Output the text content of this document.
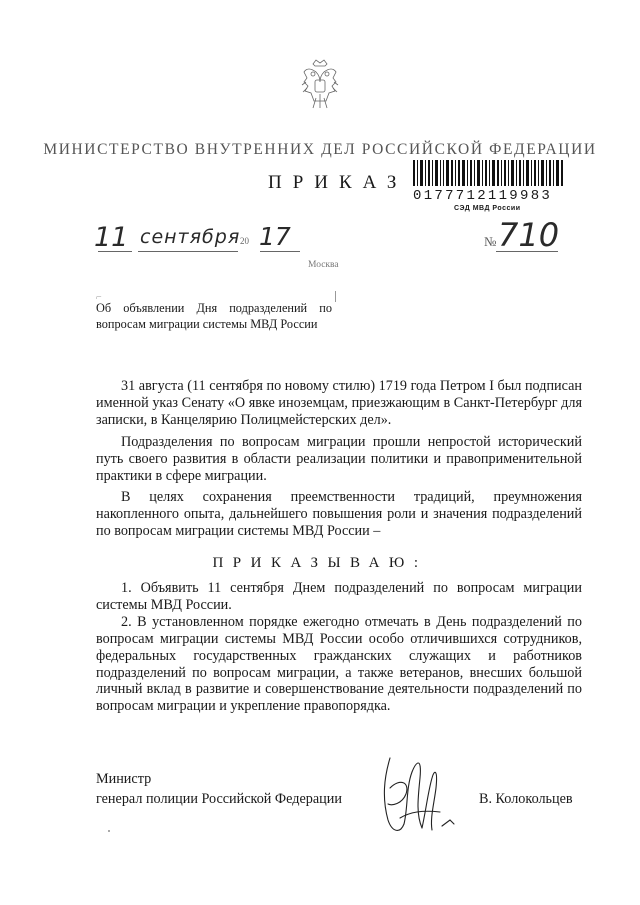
МИНИСТЕРСТВО ВНУТРЕННИХ ДЕЛ РОССИЙСКОЙ ФЕДЕРАЦИИ
ПРИКАЗ
0177712119983
СЭД МВД России
11 сентября 20 17	№ 710
Москва
⌐
Об объявлении Дня подразделений по вопросам миграции системы МВД России

31 августа (11 сентября по новому стилю) 1719 года Петром I был подписан именной указ Сенату «О явке иноземцам, приезжающим в Санкт-Петербург для записки, в Канцелярию Полицмейстерских дел».

Подразделения по вопросам миграции прошли непростой исторический путь своего развития в области реализации политики и правоприменительной практики в сфере миграции.

В целях сохранения преемственности традиций, преумножения накопленного опыта, дальнейшего повышения роли и значения подразделений по вопросам миграции системы МВД России –

ПРИКАЗЫВАЮ:

1. Объявить 11 сентября Днем подразделений по вопросам миграции системы МВД России.

2. В установленном порядке ежегодно отмечать в День подразделений по вопросам миграции системы МВД России особо отличившихся сотрудников, федеральных государственных гражданских служащих и работников подразделений по вопросам миграции, а также ветеранов, внесших большой личный вклад в развитие и совершенствование деятельности подразделений по вопросам миграции и укрепление правопорядка.

Министр
генерал полиции Российской Федерации	В. Колокольцев
